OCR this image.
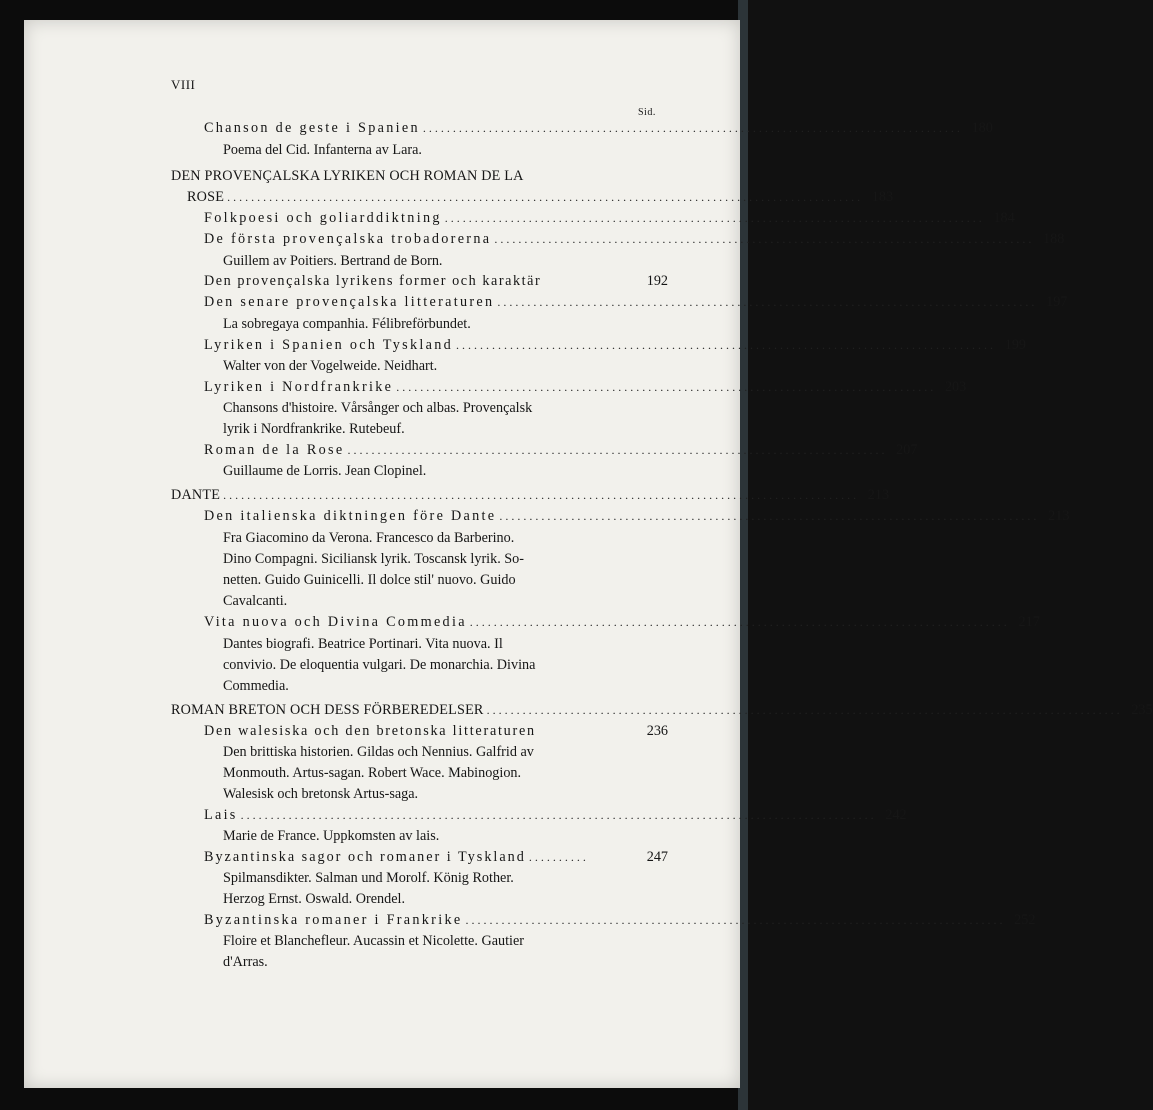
VIII
Sid.
Chanson de geste i Spanien .......................................................................................... 180
Poema del Cid. Infanterna av Lara.
DEN PROVENÇALSKA LYRIKEN OCH ROMAN DE LA
ROSE .......................................................................................................... 183
Folkpoesi och goliarddiktning .......................................................................................... 184
De första provençalska trobadorerna .......................................................................................... 188
Guillem av Poitiers. Bertrand de Born.
Den provençalska lyrikens former och karaktär	192
Den senare provençalska litteraturen .......................................................................................... 197
La sobregaya companhia. Félibreförbundet.
Lyriken i Spanien och Tyskland .......................................................................................... 199
Walter von der Vogelweide. Neidhart.
Lyriken i Nordfrankrike .......................................................................................... 203
Chansons d'histoire. Vårsånger och albas. Provençalsk
lyrik i Nordfrankrike. Rutebeuf.
Roman de la Rose .......................................................................................... 207
Guillaume de Lorris. Jean Clopinel.
DANTE .......................................................................................................... 213
Den italienska diktningen före Dante .......................................................................................... 213
Fra Giacomino da Verona. Francesco da Barberino.
Dino Compagni. Siciliansk lyrik. Toscansk lyrik. So-
netten. Guido Guinicelli. Il dolce stil' nuovo. Guido
Cavalcanti.
Vita nuova och Divina Commedia .......................................................................................... 217
Dantes biografi. Beatrice Portinari. Vita nuova. Il
convivio. De eloquentia vulgari. De monarchia. Divina
Commedia.
ROMAN BRETON OCH DESS FÖRBEREDELSER .......................................................................................................... 235
Den walesiska och den bretonska litteraturen	236
Den brittiska historien. Gildas och Nennius. Galfrid av
Monmouth. Artus-sagan. Robert Wace. Mabinogion.
Walesisk och bretonsk Artus-saga.
Lais .......................................................................................................... 242
Marie de France. Uppkomsten av lais.
Byzantinska sagor och romaner i Tyskland ..........	247
Spilmansdikter. Salman und Morolf. König Rother.
Herzog Ernst. Oswald. Orendel.
Byzantinska romaner i Frankrike .......................................................................................... 252
Floire et Blanchefleur. Aucassin et Nicolette. Gautier
d'Arras.
